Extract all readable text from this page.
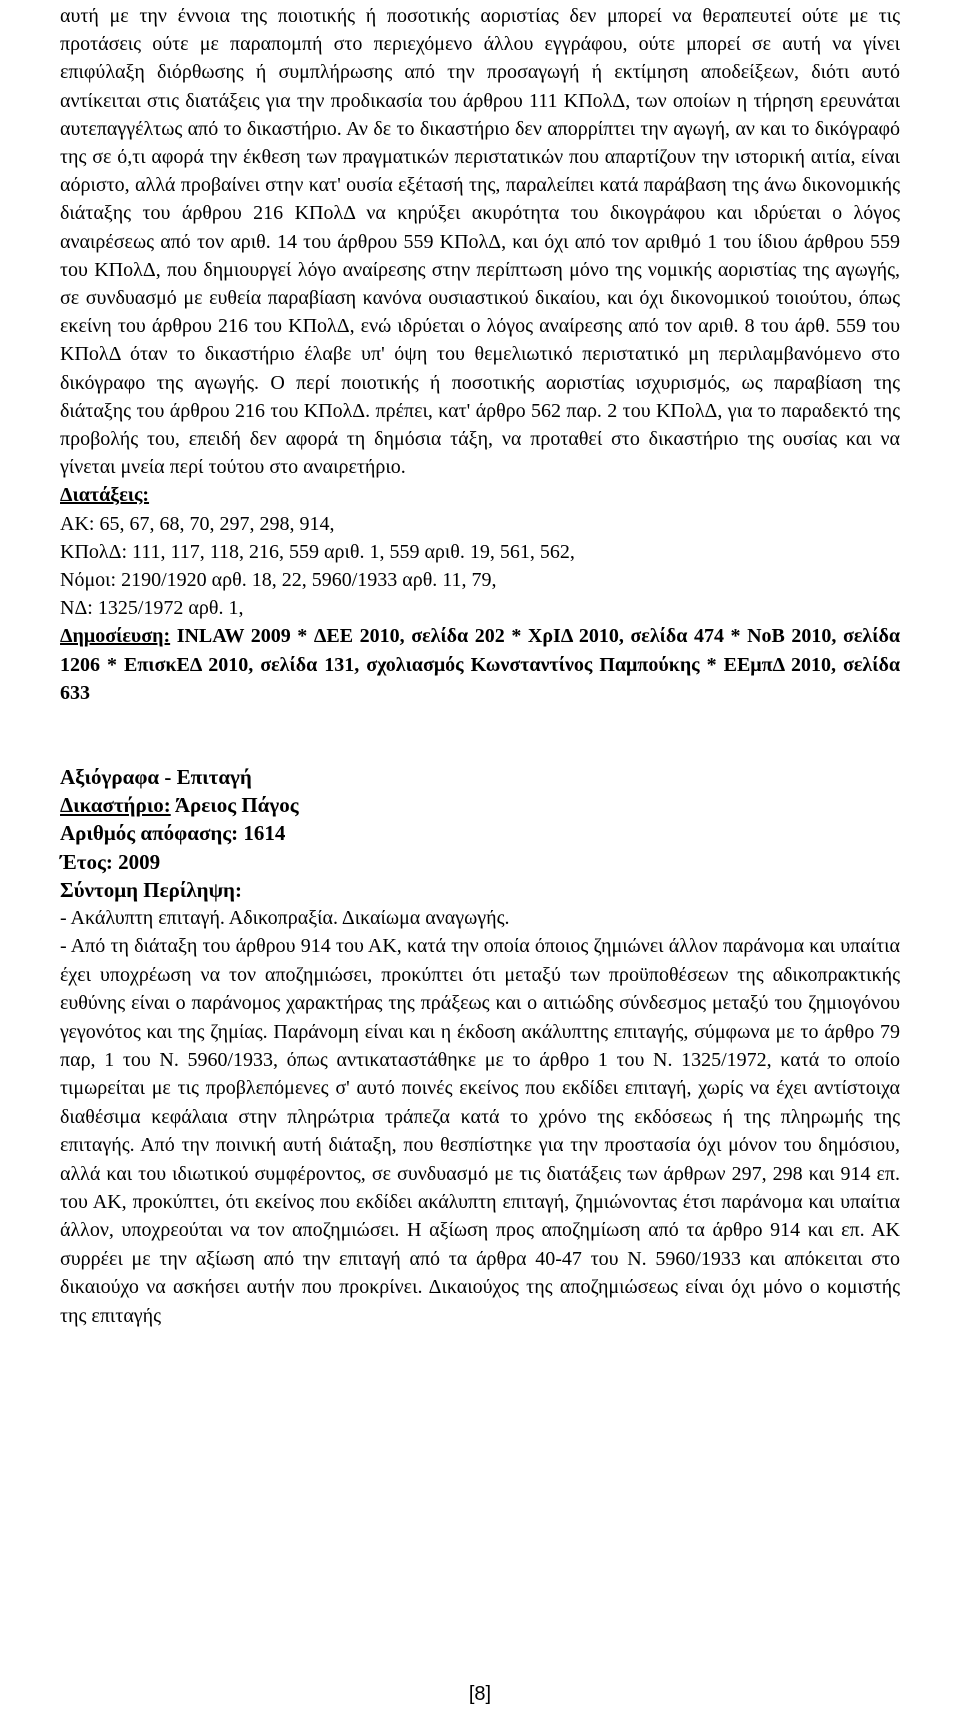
αυτή με την έννοια της ποιοτικής ή ποσοτικής αοριστίας δεν μπορεί να θεραπευτεί ούτε με τις προτάσεις ούτε με παραπομπή στο περιεχόμενο άλλου εγγράφου, ούτε μπορεί σε αυτή να γίνει επιφύλαξη διόρθωσης ή συμπλήρωσης από την προσαγωγή ή εκτίμηση αποδείξεων, διότι αυτό αντίκειται στις διατάξεις για την προδικασία του άρθρου 111 ΚΠολΔ, των οποίων η τήρηση ερευνάται αυτεπαγγέλτως από το δικαστήριο. Αν δε το δικαστήριο δεν απορρίπτει την αγωγή, αν και το δικόγραφό της σε ό,τι αφορά την έκθεση των πραγματικών περιστατικών που απαρτίζουν την ιστορική αιτία, είναι αόριστο, αλλά προβαίνει στην κατ' ουσία εξέτασή της, παραλείπει κατά παράβαση της άνω δικονομικής διάταξης του άρθρου 216 ΚΠολΔ να κηρύξει ακυρότητα του δικογράφου και ιδρύεται ο λόγος αναιρέσεως από τον αριθ. 14 του άρθρου 559 ΚΠολΔ, και όχι από τον αριθμό 1 του ίδιου άρθρου 559 του ΚΠολΔ, που δημιουργεί λόγο αναίρεσης στην περίπτωση μόνο της νομικής αοριστίας της αγωγής, σε συνδυασμό με ευθεία παραβίαση κανόνα ουσιαστικού δικαίου, και όχι δικονομικού τοιούτου, όπως εκείνη του άρθρου 216 του ΚΠολΔ, ενώ ιδρύεται ο λόγος αναίρεσης από τον αριθ. 8 του άρθ. 559 του ΚΠολΔ όταν το δικαστήριο έλαβε υπ' όψη του θεμελιωτικό περιστατικό μη περιλαμβανόμενο στο δικόγραφο της αγωγής. Ο περί ποιοτικής ή ποσοτικής αοριστίας ισχυρισμός, ως παραβίαση της διάταξης του άρθρου 216 του ΚΠολΔ. πρέπει, κατ' άρθρο 562 παρ. 2 του ΚΠολΔ, για το παραδεκτό της προβολής του, επειδή δεν αφορά τη δημόσια τάξη, να προταθεί στο δικαστήριο της ουσίας και να γίνεται μνεία περί τούτου στο αναιρετήριο.

Διατάξεις:

ΑΚ: 65, 67, 68, 70, 297, 298, 914,

ΚΠολΔ: 111, 117, 118, 216, 559 αριθ. 1, 559 αριθ. 19, 561, 562,

Νόμοι: 2190/1920 αρθ. 18, 22, 5960/1933 αρθ. 11, 79,

ΝΔ: 1325/1972 αρθ. 1,

Δημοσίευση: INLAW 2009 * ΔΕΕ 2010, σελίδα 202 * ΧρΙΔ 2010, σελίδα 474 * ΝοΒ 2010, σελίδα 1206 * ΕπισκΕΔ 2010, σελίδα 131, σχολιασμός Κωνσταντίνος Παμπούκης * ΕΕμπΔ 2010, σελίδα 633

Αξιόγραφα - Επιταγή

Δικαστήριο: Άρειος Πάγος

Αριθμός απόφασης: 1614

Έτος: 2009

Σύντομη Περίληψη:

- Ακάλυπτη επιταγή. Αδικοπραξία. Δικαίωμα αναγωγής.

- Από τη διάταξη του άρθρου 914 του ΑΚ, κατά την οποία όποιος ζημιώνει άλλον παράνομα και υπαίτια έχει υποχρέωση να τον αποζημιώσει, προκύπτει ότι μεταξύ των προϋποθέσεων της αδικοπρακτικής ευθύνης είναι ο παράνομος χαρακτήρας της πράξεως και ο αιτιώδης σύνδεσμος μεταξύ του ζημιογόνου γεγονότος και της ζημίας. Παράνομη είναι και η έκδοση ακάλυπτης επιταγής, σύμφωνα με το άρθρο 79 παρ, 1 του Ν. 5960/1933, όπως αντικαταστάθηκε με το άρθρο 1 του Ν. 1325/1972, κατά το οποίο τιμωρείται με τις προβλεπόμενες σ' αυτό ποινές εκείνος που εκδίδει επιταγή, χωρίς να έχει αντίστοιχα διαθέσιμα κεφάλαια στην πληρώτρια τράπεζα κατά το χρόνο της εκδόσεως ή της πληρωμής της επιταγής. Από την ποινική αυτή διάταξη, που θεσπίστηκε για την προστασία όχι μόνον του δημόσιου, αλλά και του ιδιωτικού συμφέροντος, σε συνδυασμό με τις διατάξεις των άρθρων 297, 298 και 914 επ. του ΑΚ, προκύπτει, ότι εκείνος που εκδίδει ακάλυπτη επιταγή, ζημιώνοντας έτσι παράνομα και υπαίτια άλλον, υποχρεούται να τον αποζημιώσει. Η αξίωση προς αποζημίωση από τα άρθρο 914 και επ. ΑΚ συρρέει με την αξίωση από την επιταγή από τα άρθρα 40-47 του Ν. 5960/1933 και απόκειται στο δικαιούχο να ασκήσει αυτήν που προκρίνει. Δικαιούχος της αποζημιώσεως είναι όχι μόνο ο κομιστής της επιταγής

[8]
